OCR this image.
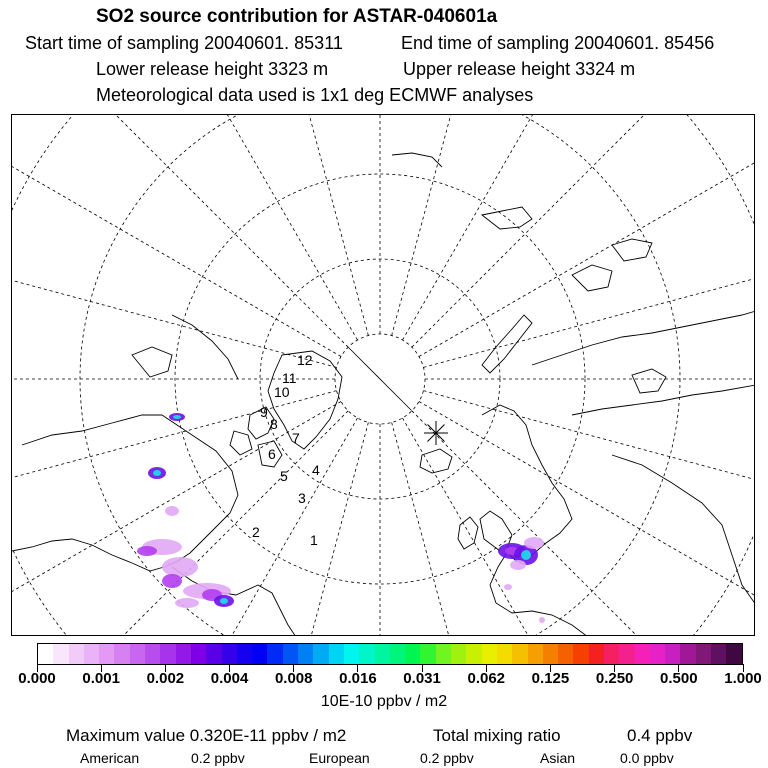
SO2 source contribution for ASTAR-040601a
Start time of sampling 20040601. 85311	End time of sampling 20040601. 85456
Lower release height 3323 m	Upper release height 3324 m
Meteorological data used is 1x1 deg ECMWF analyses
12
11
10
9
8
7
6
5 4
3
2	1
0.000 0.001 0.002 0.004 0.008 0.016 0.031 0.062 0.125 0.250 0.500 1.000
10E-10 ppbv / m2
Maximum value 0.320E-11 ppbv / m2	Total mixing ratio	0.4 ppbv
American	0.2 ppbv	European	0.2 ppbv	Asian	0.0 ppbv
